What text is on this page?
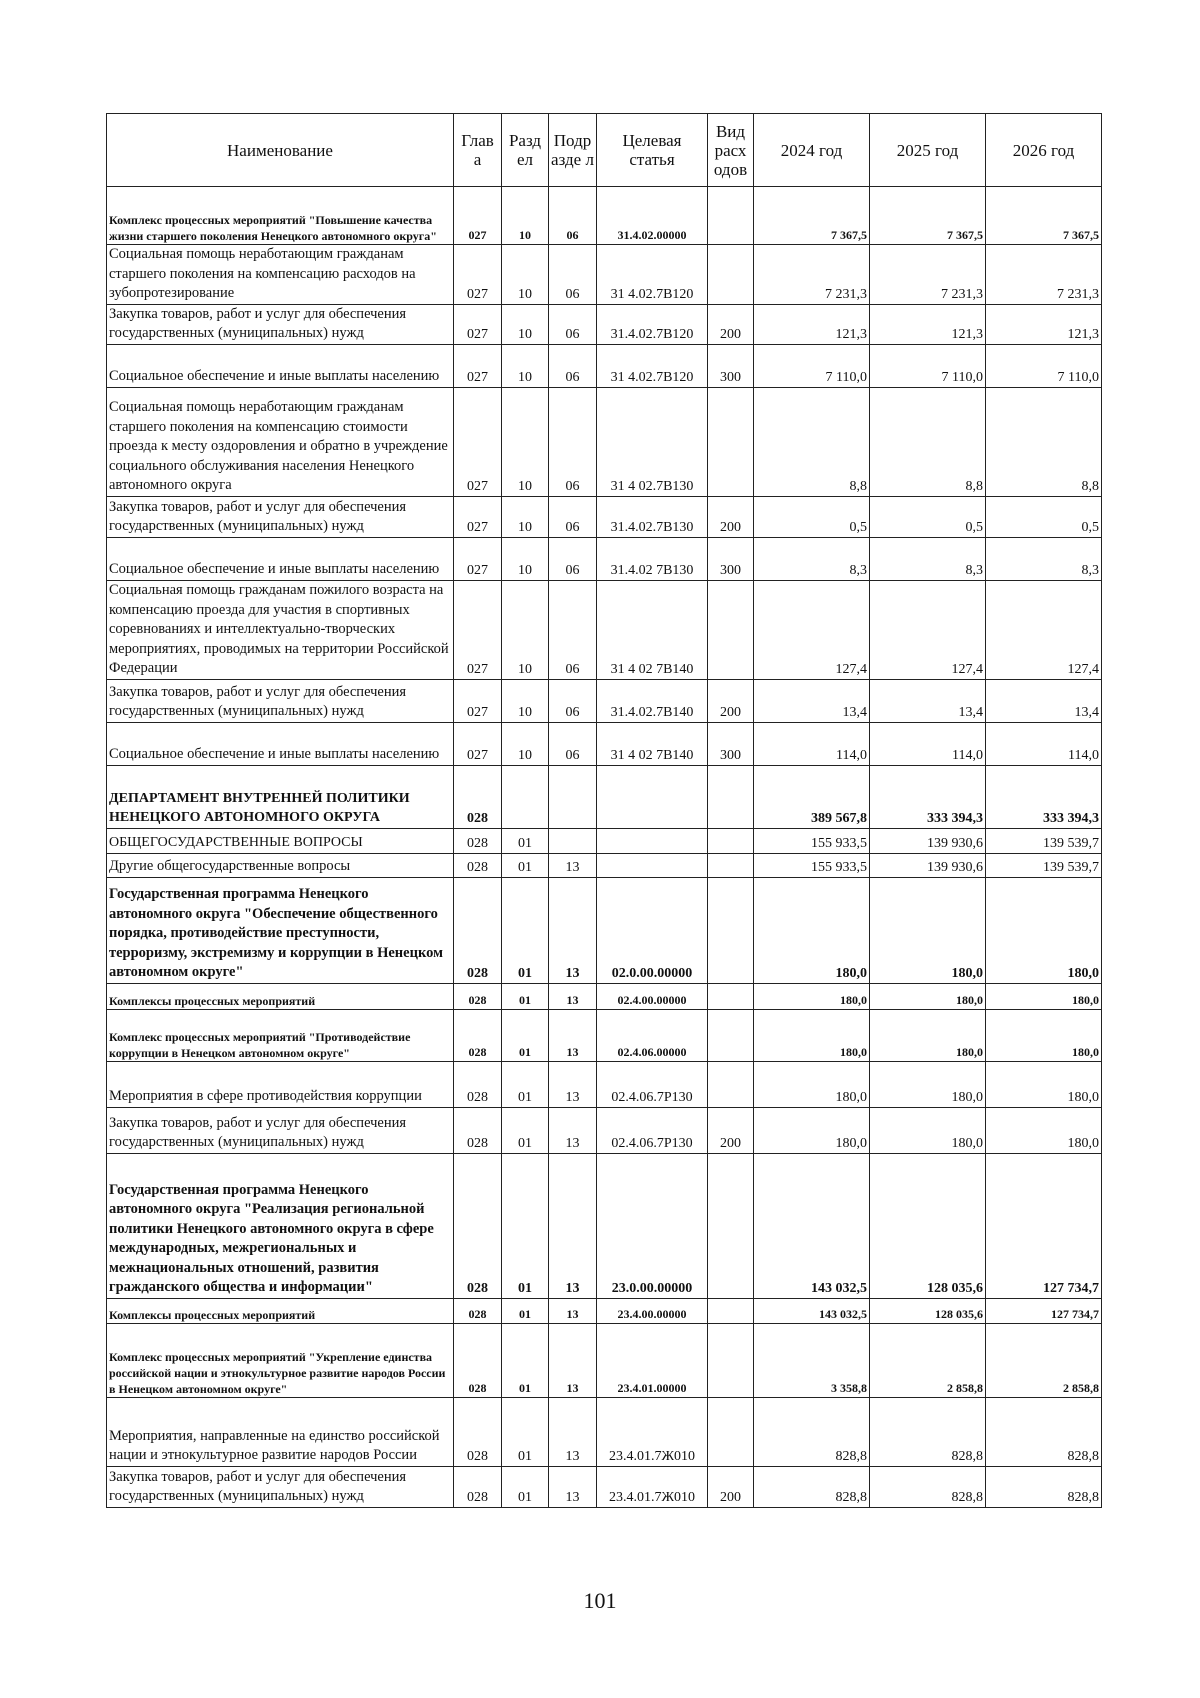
Наименование	Глав а	Разд ел	Подр азде л	Целевая статья	Вид расх одов	2024 год	2025 год	2026 год
Комплекс процессных мероприятий "Повышение качества жизни старшего поколения Ненецкого автономного округа"	027	10	06	31.4.02.00000		7 367,5	7 367,5	7 367,5
Социальная помощь неработающим гражданам старшего поколения на компенсацию расходов на зубопротезирование	027	10	06	31 4.02.7В120		7 231,3	7 231,3	7 231,3
Закупка товаров, работ и услуг для обеспечения государственных (муниципальных) нужд	027	10	06	31.4.02.7В120	200	121,3	121,3	121,3
Социальное обеспечение и иные выплаты населению	027	10	06	31 4.02.7В120	300	7 110,0	7 110,0	7 110,0
Социальная помощь неработающим гражданам старшего поколения на компенсацию стоимости проезда к месту оздоровления и обратно в учреждение социального обслуживания населения Ненецкого автономного округа	027	10	06	31 4 02.7В130		8,8	8,8	8,8
Закупка товаров, работ и услуг для обеспечения государственных (муниципальных) нужд	027	10	06	31.4.02.7В130	200	0,5	0,5	0,5
Социальное обеспечение и иные выплаты населению	027	10	06	31.4.02 7В130	300	8,3	8,3	8,3
Социальная помощь гражданам пожилого возраста на компенсацию проезда для участия в спортивных соревнованиях и интеллектуально-творческих мероприятиях, проводимых на территории Российской Федерации	027	10	06	31 4 02 7В140		127,4	127,4	127,4
Закупка товаров, работ и услуг для обеспечения государственных (муниципальных) нужд	027	10	06	31.4.02.7В140	200	13,4	13,4	13,4
Социальное обеспечение и иные выплаты населению	027	10	06	31 4 02 7В140	300	114,0	114,0	114,0
ДЕПАРТАМЕНТ ВНУТРЕННЕЙ ПОЛИТИКИ НЕНЕЦКОГО АВТОНОМНОГО ОКРУГА	028					389 567,8	333 394,3	333 394,3
ОБЩЕГОСУДАРСТВЕННЫЕ ВОПРОСЫ	028	01				155 933,5	139 930,6	139 539,7
Другие общегосударственные вопросы	028	01	13			155 933,5	139 930,6	139 539,7
Государственная программа Ненецкого автономного округа "Обеспечение общественного порядка, противодействие преступности, терроризму, экстремизму и коррупции в Ненецком автономном округе"	028	01	13	02.0.00.00000		180,0	180,0	180,0
Комплексы процессных мероприятий	028	01	13	02.4.00.00000		180,0	180,0	180,0
Комплекс процессных мероприятий "Противодействие коррупции в Ненецком автономном округе"	028	01	13	02.4.06.00000		180,0	180,0	180,0
Мероприятия в сфере противодействия коррупции	028	01	13	02.4.06.7Р130		180,0	180,0	180,0
Закупка товаров, работ и услуг для обеспечения государственных (муниципальных) нужд	028	01	13	02.4.06.7Р130	200	180,0	180,0	180,0
Государственная программа Ненецкого автономного округа "Реализация региональной политики Ненецкого автономного округа в сфере международных, межрегиональных и межнациональных отношений, развития гражданского общества и информации"	028	01	13	23.0.00.00000		143 032,5	128 035,6	127 734,7
Комплексы процессных мероприятий	028	01	13	23.4.00.00000		143 032,5	128 035,6	127 734,7
Комплекс процессных мероприятий "Укрепление единства российской нации и этнокультурное развитие народов России в Ненецком автономном округе"	028	01	13	23.4.01.00000		3 358,8	2 858,8	2 858,8
Мероприятия, направленные на единство российской нации и этнокультурное развитие народов России	028	01	13	23.4.01.7Ж010		828,8	828,8	828,8
Закупка товаров, работ и услуг для обеспечения государственных (муниципальных) нужд	028	01	13	23.4.01.7Ж010	200	828,8	828,8	828,8
101
